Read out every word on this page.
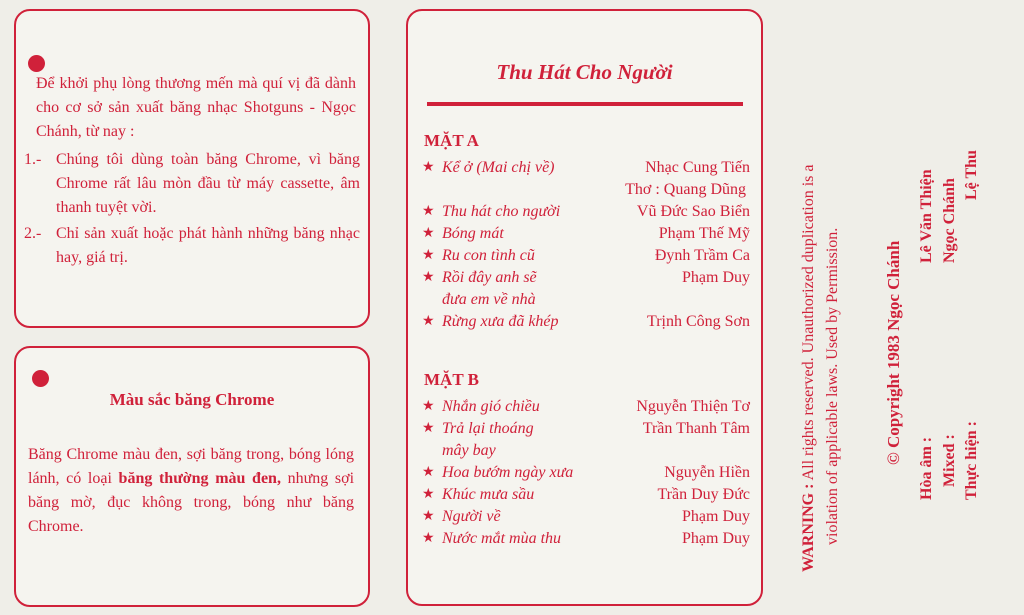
Để khởi phụ lòng thương mến mà quí vị đã dành cho cơ sở sản xuất băng nhạc Shotguns - Ngọc Chánh, từ nay :
1.- Chúng tôi dùng toàn băng Chrome, vì băng Chrome rất lâu mòn đầu từ máy cassette, âm thanh tuyệt vời.
2.- Chỉ sản xuất hoặc phát hành những băng nhạc hay, giá trị.
Màu sắc băng Chrome
Băng Chrome màu đen, sợi băng trong, bóng lóng lánh, có loại băng thường màu đen, nhưng sợi băng mờ, đục không trong, bóng như băng Chrome.
Thu Hát Cho Người
MẶT A
★ Kể ở (Mai chị về)	Nhạc Cung Tiến
Thơ : Quang Dũng
★ Thu hát cho người	Vũ Đức Sao Biển
★ Bóng mát	Phạm Thế Mỹ
★ Ru con tình cũ	Đynh Trầm Ca
★ Rồi đây anh sẽ	Phạm Duy
đưa em về nhà
★ Rừng xưa đã khép	Trịnh Công Sơn
MẶT B
★ Nhắn gió chiều	Nguyễn Thiện Tơ
★ Trả lại thoáng	Trần Thanh Tâm
mây bay
★ Hoa bướm ngày xưa	Nguyễn Hiền
★ Khúc mưa sầu	Trần Duy Đức
★ Người về	Phạm Duy
★ Nước mắt mùa thu	Phạm Duy	WARNING : All rights reserved. Unauthorized duplication is a violation of applicable laws. Used by Permission.	© Copyright 1983 Ngọc Chánh
Hòa âm :
Lê Văn Thiện
Mixed :
Ngọc Chánh
Thực hiện :
Lệ Thu
